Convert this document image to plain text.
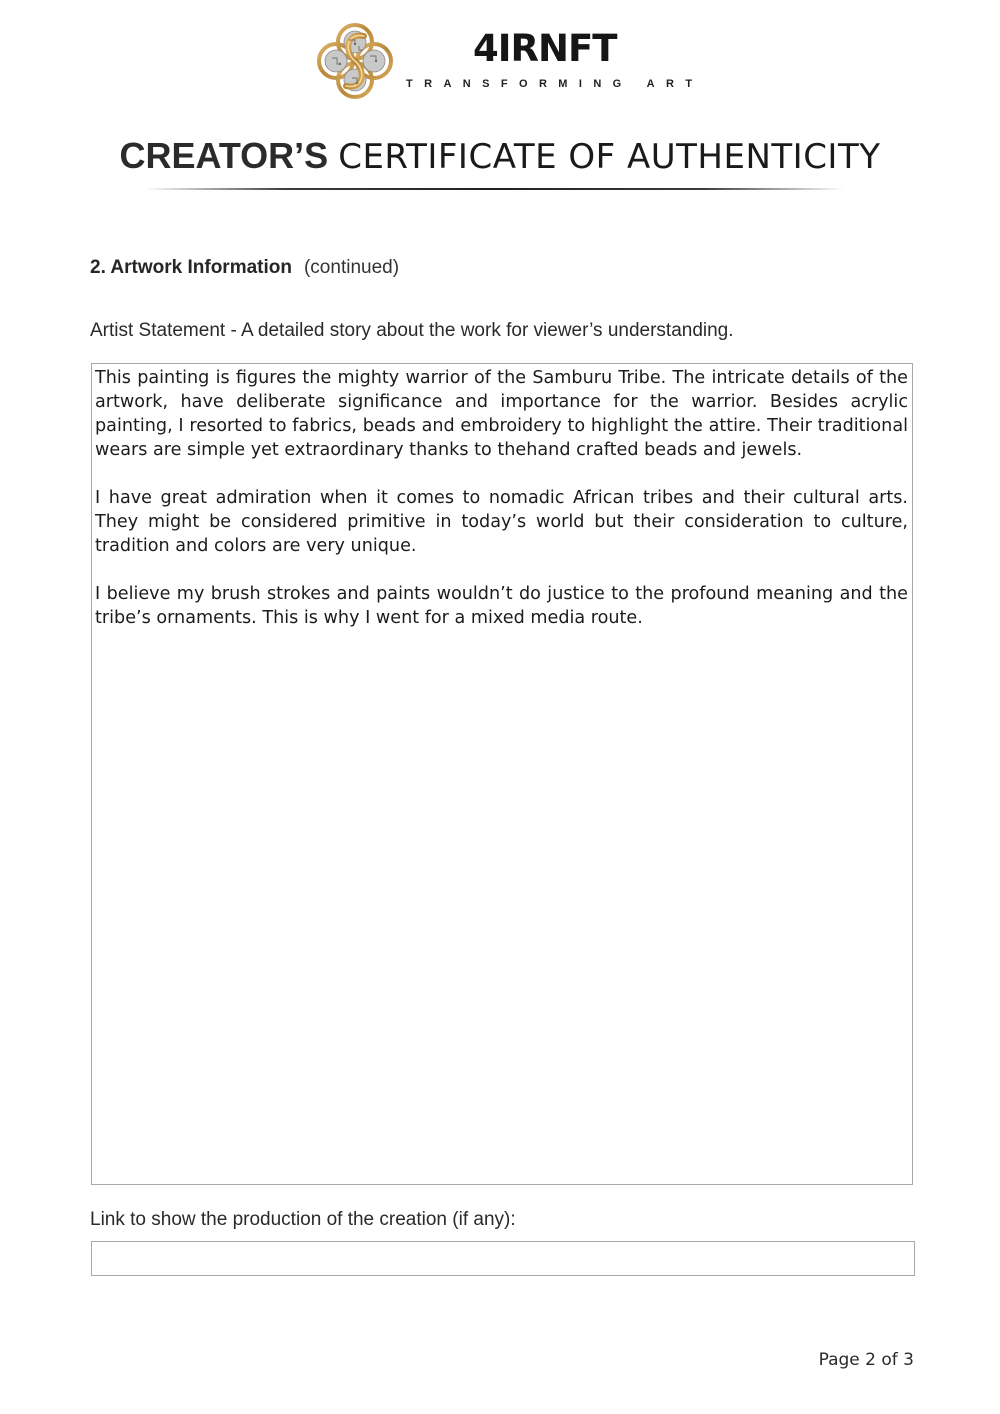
4IRNFT
TRANSFORMING ART
CREATOR’S CERTIFICATE OF AUTHENTICITY
2. Artwork Information (continued)
Artist Statement - A detailed story about the work for viewer’s understanding.

This painting is figures the mighty warrior of the Samburu Tribe. The intricate details of the artwork, have deliberate significance and importance for the warrior. Besides acrylic painting, I resorted to fabrics, beads and embroidery to highlight the attire. Their traditional wears are simple yet extraordinary thanks to thehand crafted beads and jewels.

I have great admiration when it comes to nomadic African tribes and their cultural arts. They might be considered primitive in today’s world but their consideration to culture, tradition and colors are very unique.

I believe my brush strokes and paints wouldn’t do justice to the profound meaning and the tribe’s ornaments. This is why I went for a mixed media route.

Link to show the production of the creation (if any):
Page 2 of 3
